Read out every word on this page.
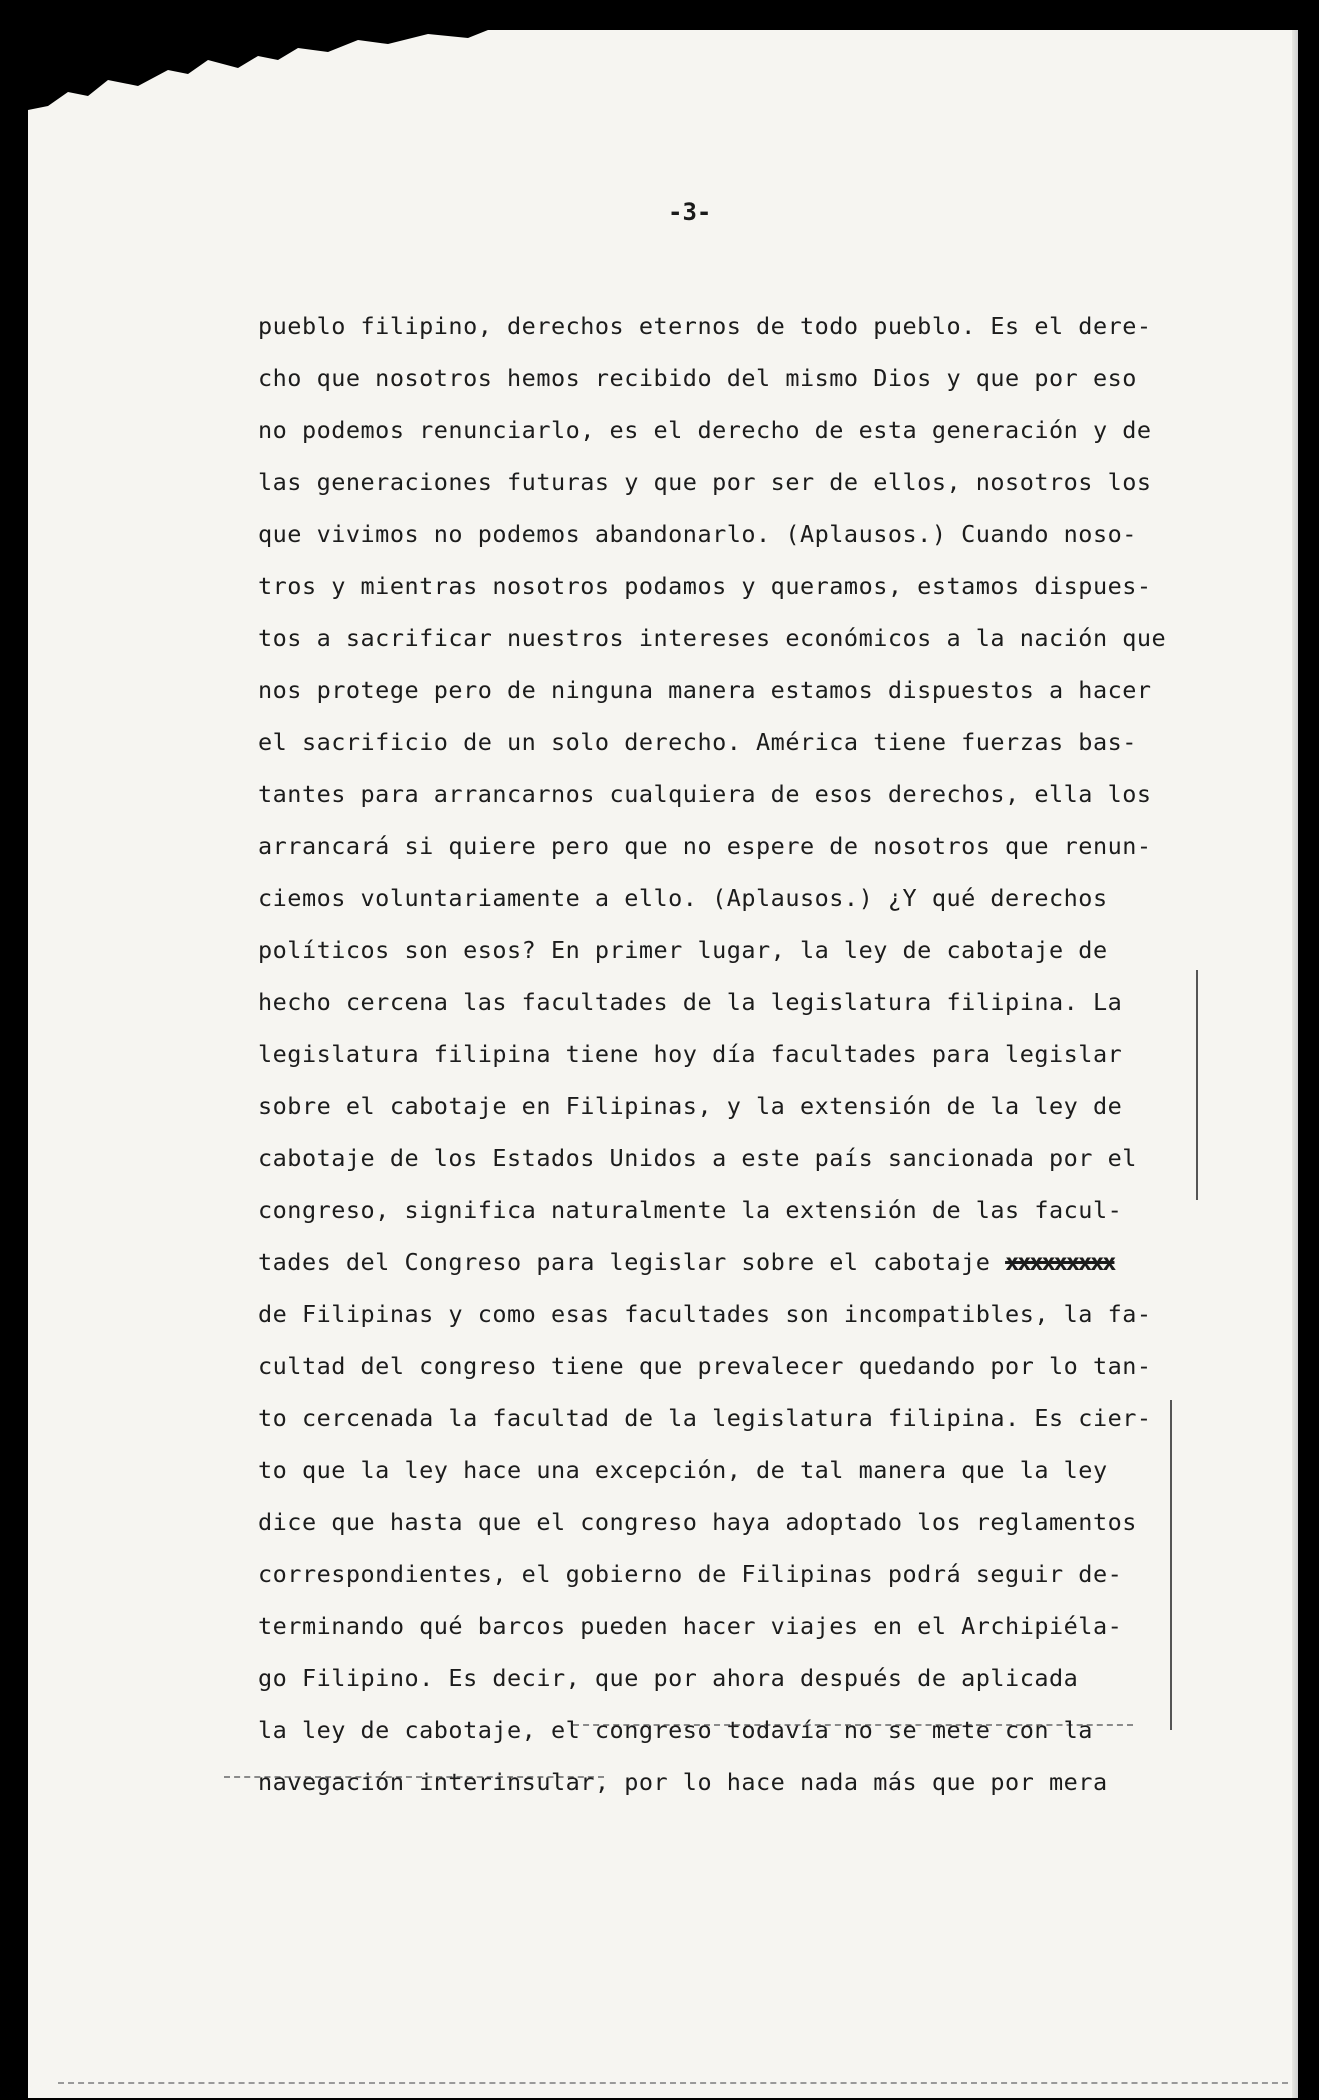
-3-
pueblo filipino, derechos eternos de todo pueblo. Es el dere-
cho que nosotros hemos recibido del mismo Dios y que por eso
no podemos renunciarlo, es el derecho de esta generación y de
las generaciones futuras y que por ser de ellos, nosotros los
que vivimos no podemos abandonarlo. (Aplausos.) Cuando noso-
tros y mientras nosotros podamos y queramos, estamos dispues-
tos a sacrificar nuestros intereses económicos a la nación que
nos protege pero de ninguna manera estamos dispuestos a hacer
el sacrificio de un solo derecho. América tiene fuerzas bas-
tantes para arrancarnos cualquiera de esos derechos, ella los
arrancará si quiere pero que no espere de nosotros que renun-
ciemos voluntariamente a ello. (Aplausos.) ¿Y qué derechos
políticos son esos? En primer lugar, la ley de cabotaje de
hecho cercena las facultades de la legislatura filipina. La
legislatura filipina tiene hoy día facultades para legislar
sobre el cabotaje en Filipinas, y la extensión de la ley de
cabotaje de los Estados Unidos a este país sancionada por el
congreso, significa naturalmente la extensión de las facul-
tades del Congreso para legislar sobre el cabotaje xxxxxxxxx
de Filipinas y como esas facultades son incompatibles, la fa-
cultad del congreso tiene que prevalecer quedando por lo tan-
to cercenada la facultad de la legislatura filipina. Es cier-
to que la ley hace una excepción, de tal manera que la ley
dice que hasta que el congreso haya adoptado los reglamentos
correspondientes, el gobierno de Filipinas podrá seguir de-
terminando qué barcos pueden hacer viajes en el Archipiéla-
go Filipino. Es decir, que por ahora después de aplicada
la ley de cabotaje, el congreso todavía no se mete con la
navegación interinsular, por lo hace nada más que por mera
